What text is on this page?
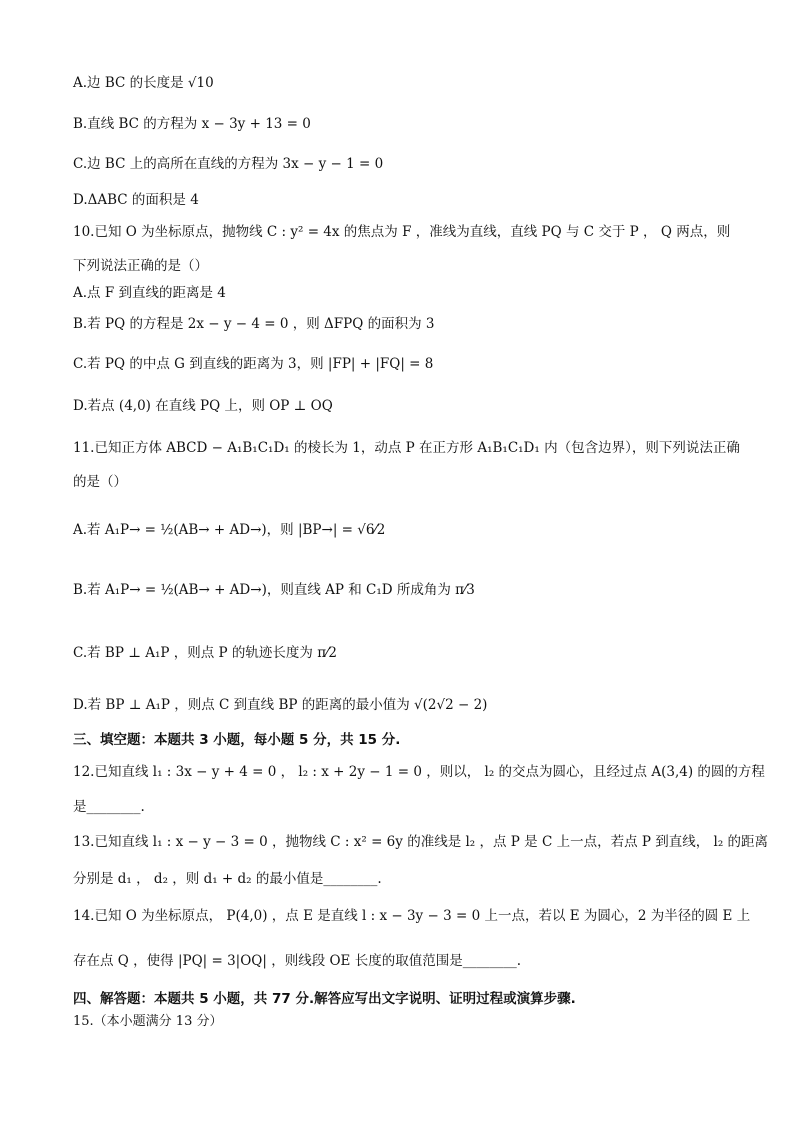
A.边 BC 的长度是 √10
B.直线 BC 的方程为 x − 3y + 13 = 0
C.边 BC 上的高所在直线的方程为 3x − y − 1 = 0
D.ΔABC 的面积是 4
10.已知 O 为坐标原点，抛物线 C : y² = 4x 的焦点为 F ，准线为直线，直线 PQ 与 C 交于 P ， Q 两点，则
下列说法正确的是（）
A.点 F 到直线的距离是 4
B.若 PQ 的方程是 2x − y − 4 = 0 ，则 ΔFPQ 的面积为 3
C.若 PQ 的中点 G 到直线的距离为 3，则 |FP| + |FQ| = 8
D.若点 (4,0) 在直线 PQ 上，则 OP ⊥ OQ
11.已知正方体 ABCD − A₁B₁C₁D₁ 的棱长为 1，动点 P 在正方形 A₁B₁C₁D₁ 内（包含边界），则下列说法正确
的是（）
A.若 A₁P→ = ½(AB→ + AD→)，则 |BP→| = √6⁄2
B.若 A₁P→ = ½(AB→ + AD→)，则直线 AP 和 C₁D 所成角为 π⁄3
C.若 BP ⊥ A₁P ，则点 P 的轨迹长度为 π⁄2
D.若 BP ⊥ A₁P ，则点 C 到直线 BP 的距离的最小值为 √(2√2 − 2)
三、填空题：本题共 3 小题，每小题 5 分，共 15 分.
12.已知直线 l₁ : 3x − y + 4 = 0 ， l₂ : x + 2y − 1 = 0 ，则以， l₂ 的交点为圆心，且经过点 A(3,4) 的圆的方程
是________.
13.已知直线 l₁ : x − y − 3 = 0 ，抛物线 C : x² = 6y 的准线是 l₂ ，点 P 是 C 上一点，若点 P 到直线， l₂ 的距离
分别是 d₁ ， d₂ ，则 d₁ + d₂ 的最小值是________.
14.已知 O 为坐标原点， P(4,0) ，点 E 是直线 l : x − 3y − 3 = 0 上一点，若以 E 为圆心，2 为半径的圆 E 上
存在点 Q ，使得 |PQ| = 3|OQ| ，则线段 OE 长度的取值范围是________.
四、解答题：本题共 5 小题，共 77 分.解答应写出文字说明、证明过程或演算步骤.
15.（本小题满分 13 分）
